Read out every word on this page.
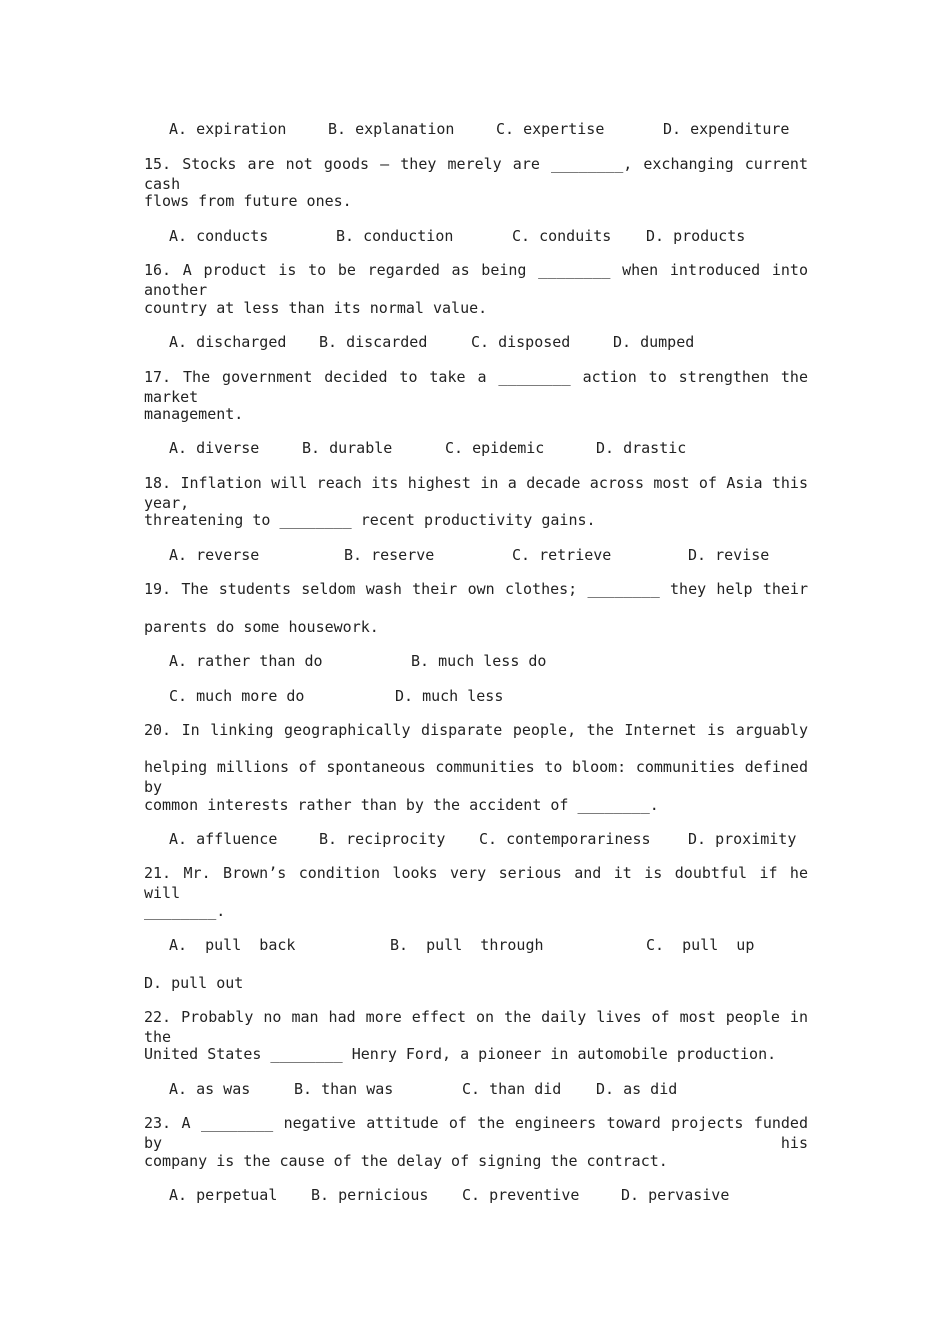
A. expiration	B. explanation	C. expertise	D. expenditure
15. Stocks are not goods – they merely are ________, exchanging current cash
flows from future ones.
A. conducts	B. conduction	C. conduits D. products
16. A product is to be regarded as being ________ when introduced into another
country at less than its normal value.
A. discharged B. discarded	C. disposed	D. dumped
17. The government decided to take a ________ action to strengthen the market
management.
A. diverse	B. durable	C. epidemic	D. drastic
18. Inflation will reach its highest in a decade across most of Asia this year,
threatening to ________ recent productivity gains.
A. reverse	B. reserve	C. retrieve	D. revise
19. The students seldom wash their own clothes; ________ they help their
parents do some housework.
A. rather than do	B. much less do
C. much more do	D. much less
20. In linking geographically disparate people, the Internet is arguably
helping millions of spontaneous communities to bloom: communities defined by
common interests rather than by the accident of ________.
A. affluence	B. reciprocity C. contemporariness D. proximity
21. Mr. Brown’s condition looks very serious and it is doubtful if he will
________.
A.  pull  back	B.  pull  through	C.  pull  up
D. pull out
22. Probably no man had more effect on the daily lives of most people in the
United States ________ Henry Ford, a pioneer in automobile production.
A. as was	B. than was	C. than did D. as did
23. A ________ negative attitude of the engineers toward projects funded by his
company is the cause of the delay of signing the contract.
A. perpetual B. pernicious C. preventive	D. pervasive
